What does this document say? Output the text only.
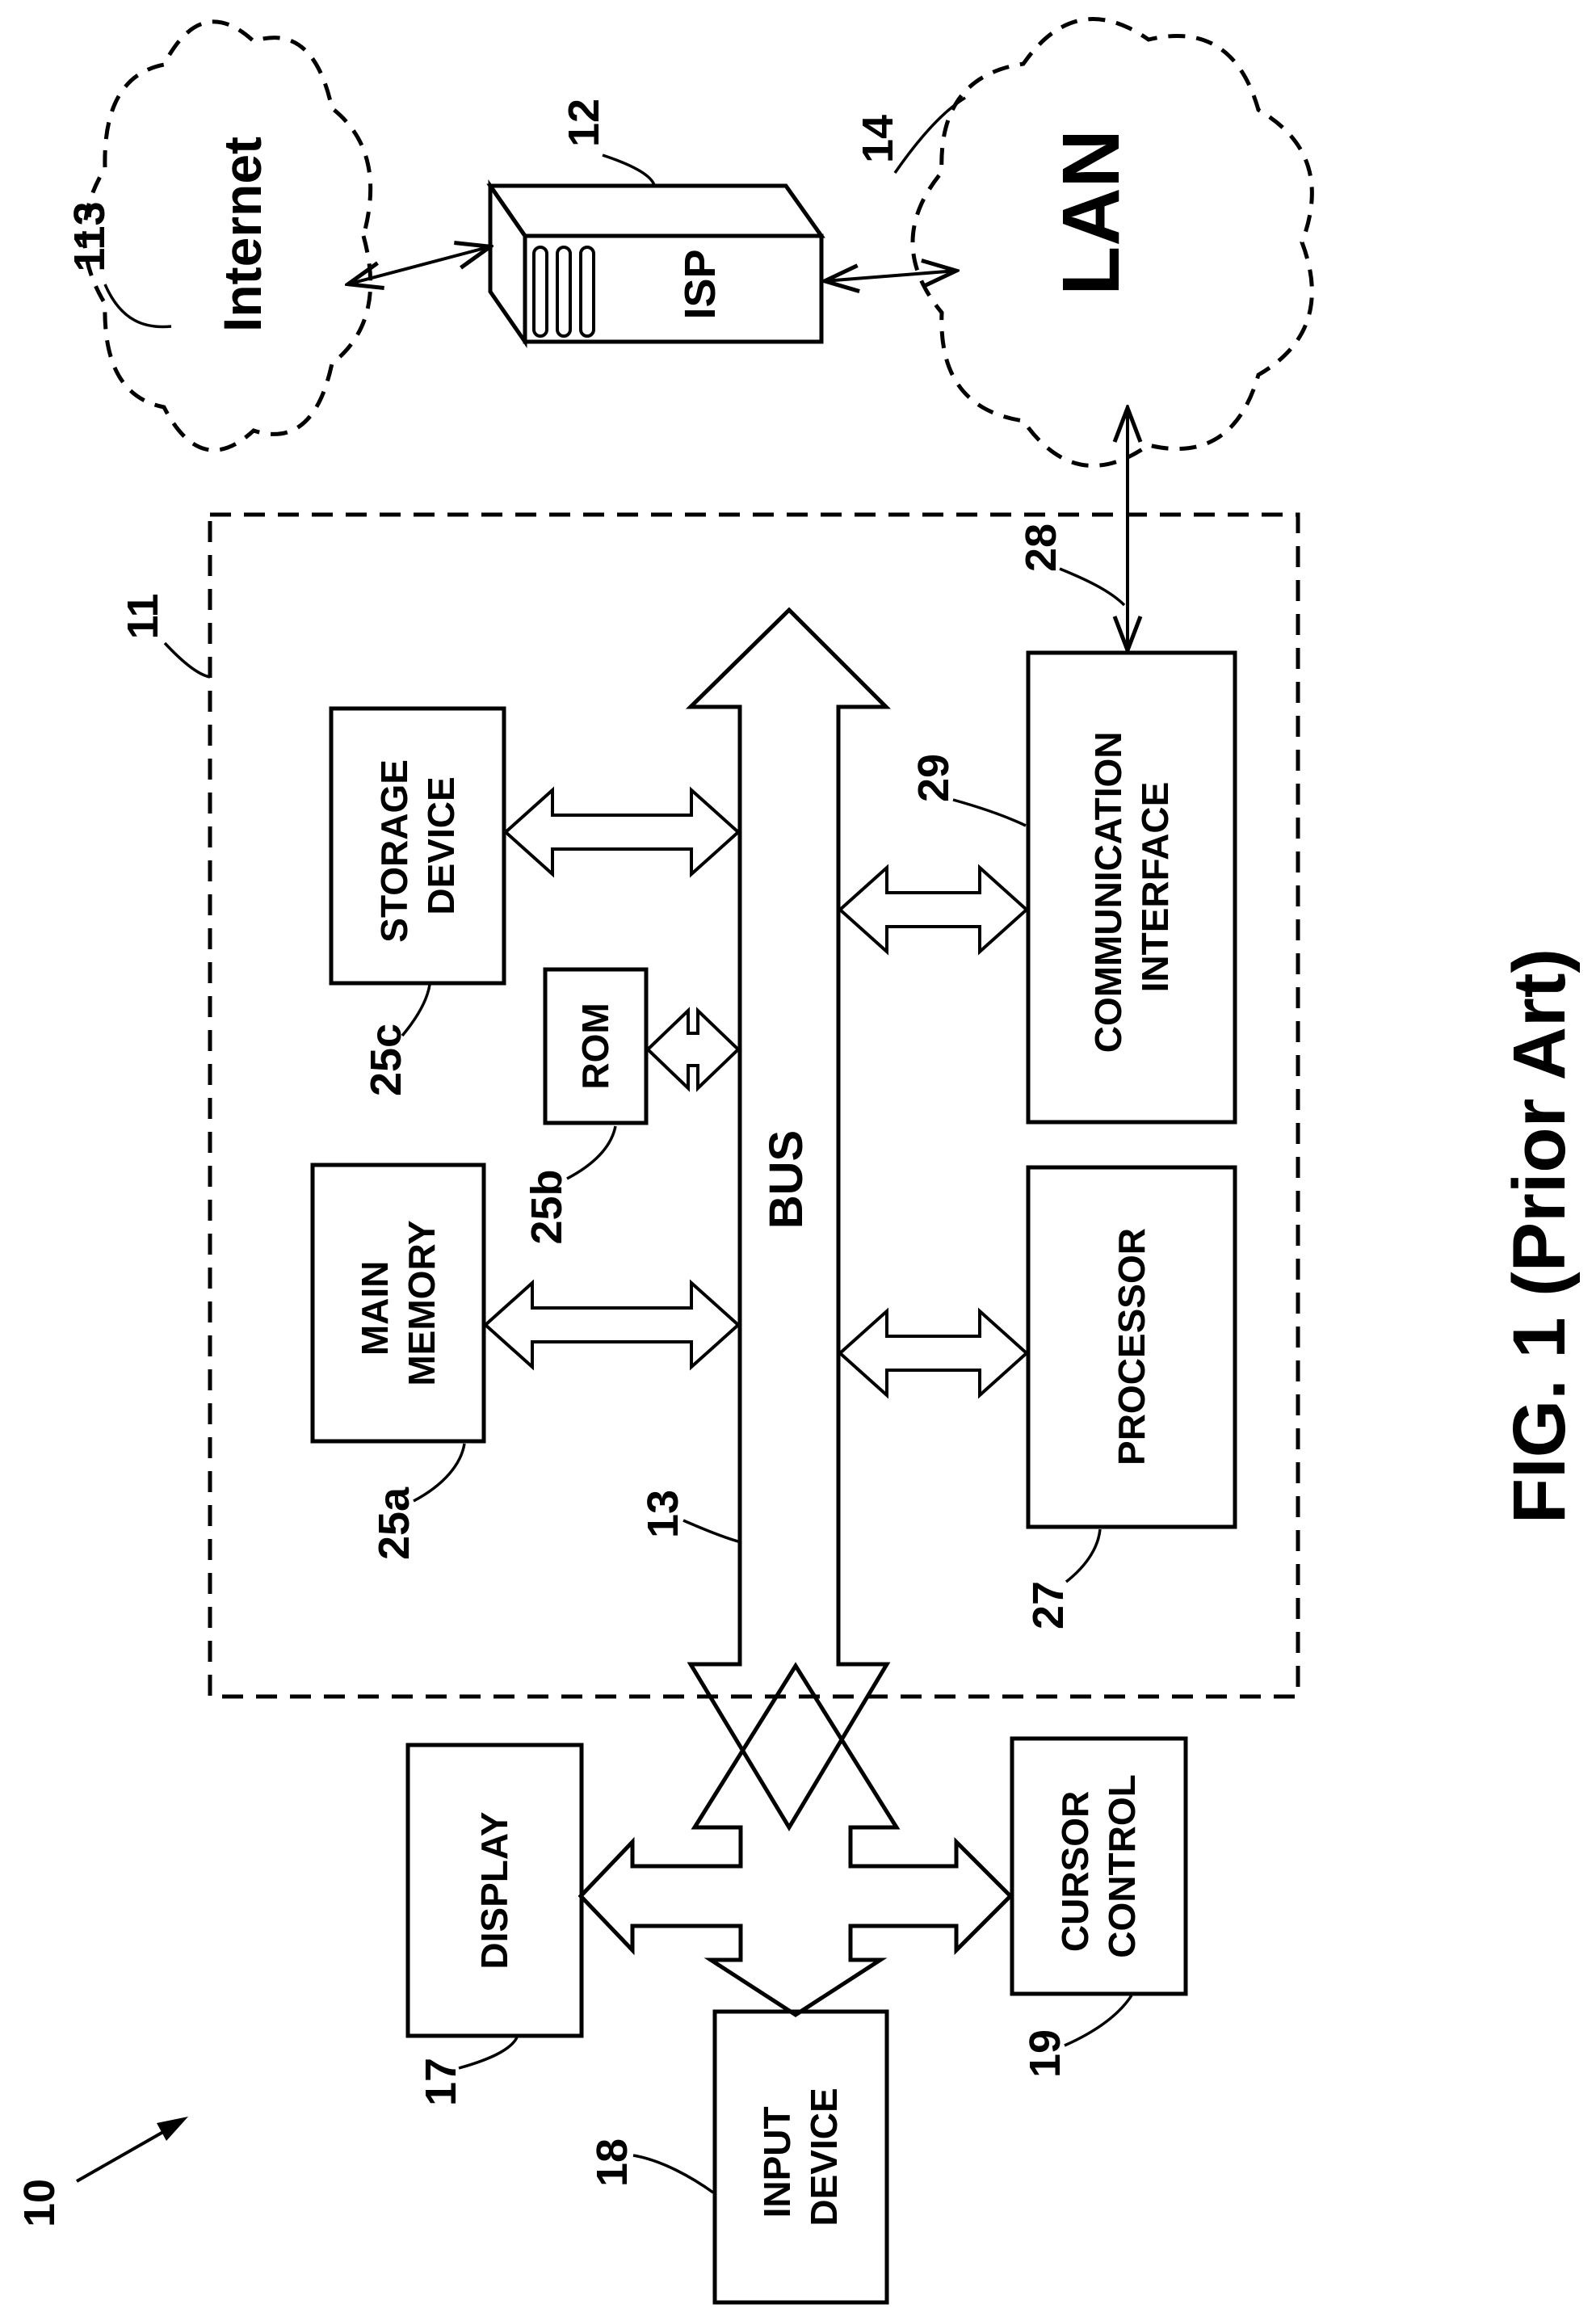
Internet
113	LAN
14
ISP
12
11
BUS
13
STORAGE DEVICE
25c	ROM
25b
MAIN MEMORY
25a
COMMUNICATION INTERFACE
29
PROCESSOR
27
28
DISPLAY
17
INPUT DEVICE
18
CURSOR CONTROL
19
10
FIG. 1 (Prior Art)
